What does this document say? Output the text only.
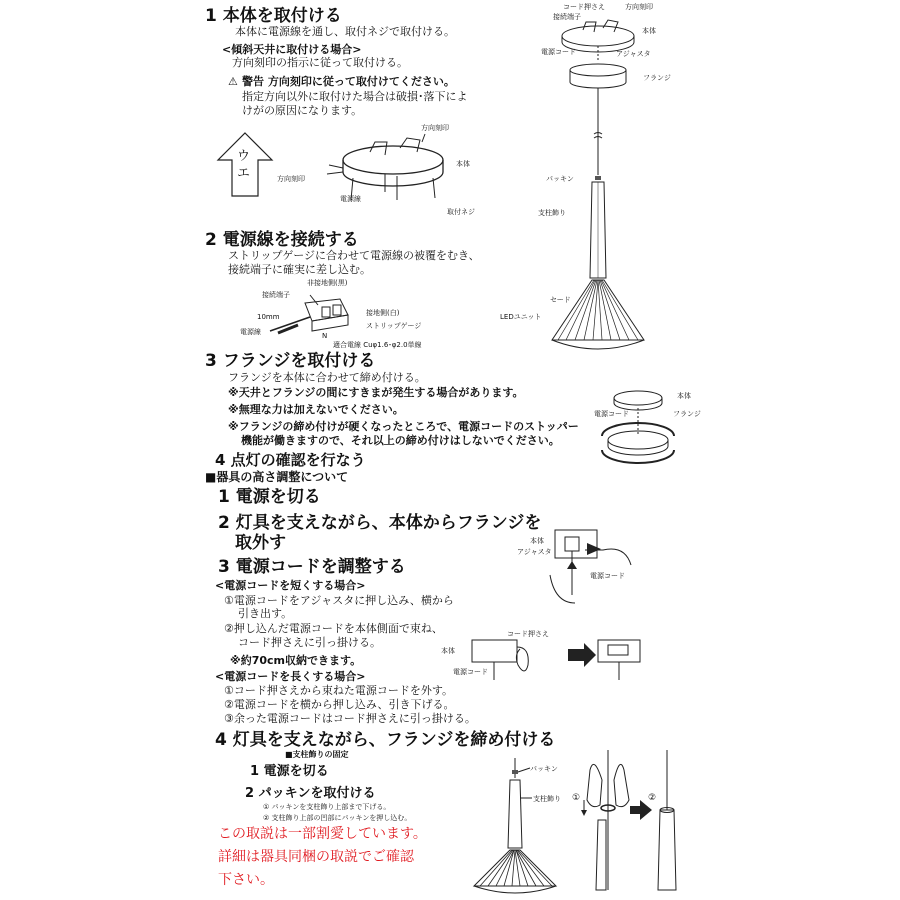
1 本体を取付ける
本体に電源線を通し、取付ネジで取付ける。
<傾斜天井に取付ける場合>
方向刻印の指示に従って取付ける。
⚠ 警告 方向刻印に従って取付けてください。
指定方向以外に取付けた場合は破損･落下によ
けがの原因になります。
ウエ	方向刻印
方向刻印
本体
電源線
取付ネジ
2 電源線を接続する
ストリップゲージに合わせて電源線の被覆をむき、
接続端子に確実に差し込む。
非接地側(黒)
接続端子
接地側(白)
ストリップゲージ
10mm
電源線	N
適合電線 Cuφ1.6･φ2.0単線
3 フランジを取付ける
フランジを本体に合わせて締め付ける。
※天井とフランジの間にすきまが発生する場合があります。
※無理な力は加えないでください。
※フランジの締め付けが硬くなったところで、電源コードのストッパー
機能が働きますので、それ以上の締め付けはしないでください。
本体
電源コード	フランジ
4 点灯の確認を行なう
■器具の高さ調整について
1 電源を切る
2 灯具を支えながら、本体からフランジを
取外す	本体
アジャスタ
電源コード
3 電源コードを調整する
<電源コードを短くする場合>
①電源コードをアジャスタに押し込み、横から
引き出す。
②押し込んだ電源コードを本体側面で束ね、
コード押さえに引っ掛ける。
※約70cm収納できます。
コード押さえ
本体
電源コード
<電源コードを長くする場合>
①コード押さえから束ねた電源コードを外す。
②電源コードを横から押し込み、引き下げる。
③余った電源コードはコード押さえに引っ掛ける。
4 灯具を支えながら、フランジを締め付ける
■支柱飾りの固定
1 電源を切る
2 パッキンを取付ける
① パッキンを支柱飾り上部まで下げる。
② 支柱飾り上部の凹部にパッキンを押し込む。
パッキン
支柱飾り ①	②
この取説は一部割愛しています。
詳細は器具同梱の取説でご確認
下さい。
コード押さえ
接続端子
方向刻印
本体
電源コード	アジャスタ
フランジ
パッキン
支柱飾り
セード
LEDユニット
